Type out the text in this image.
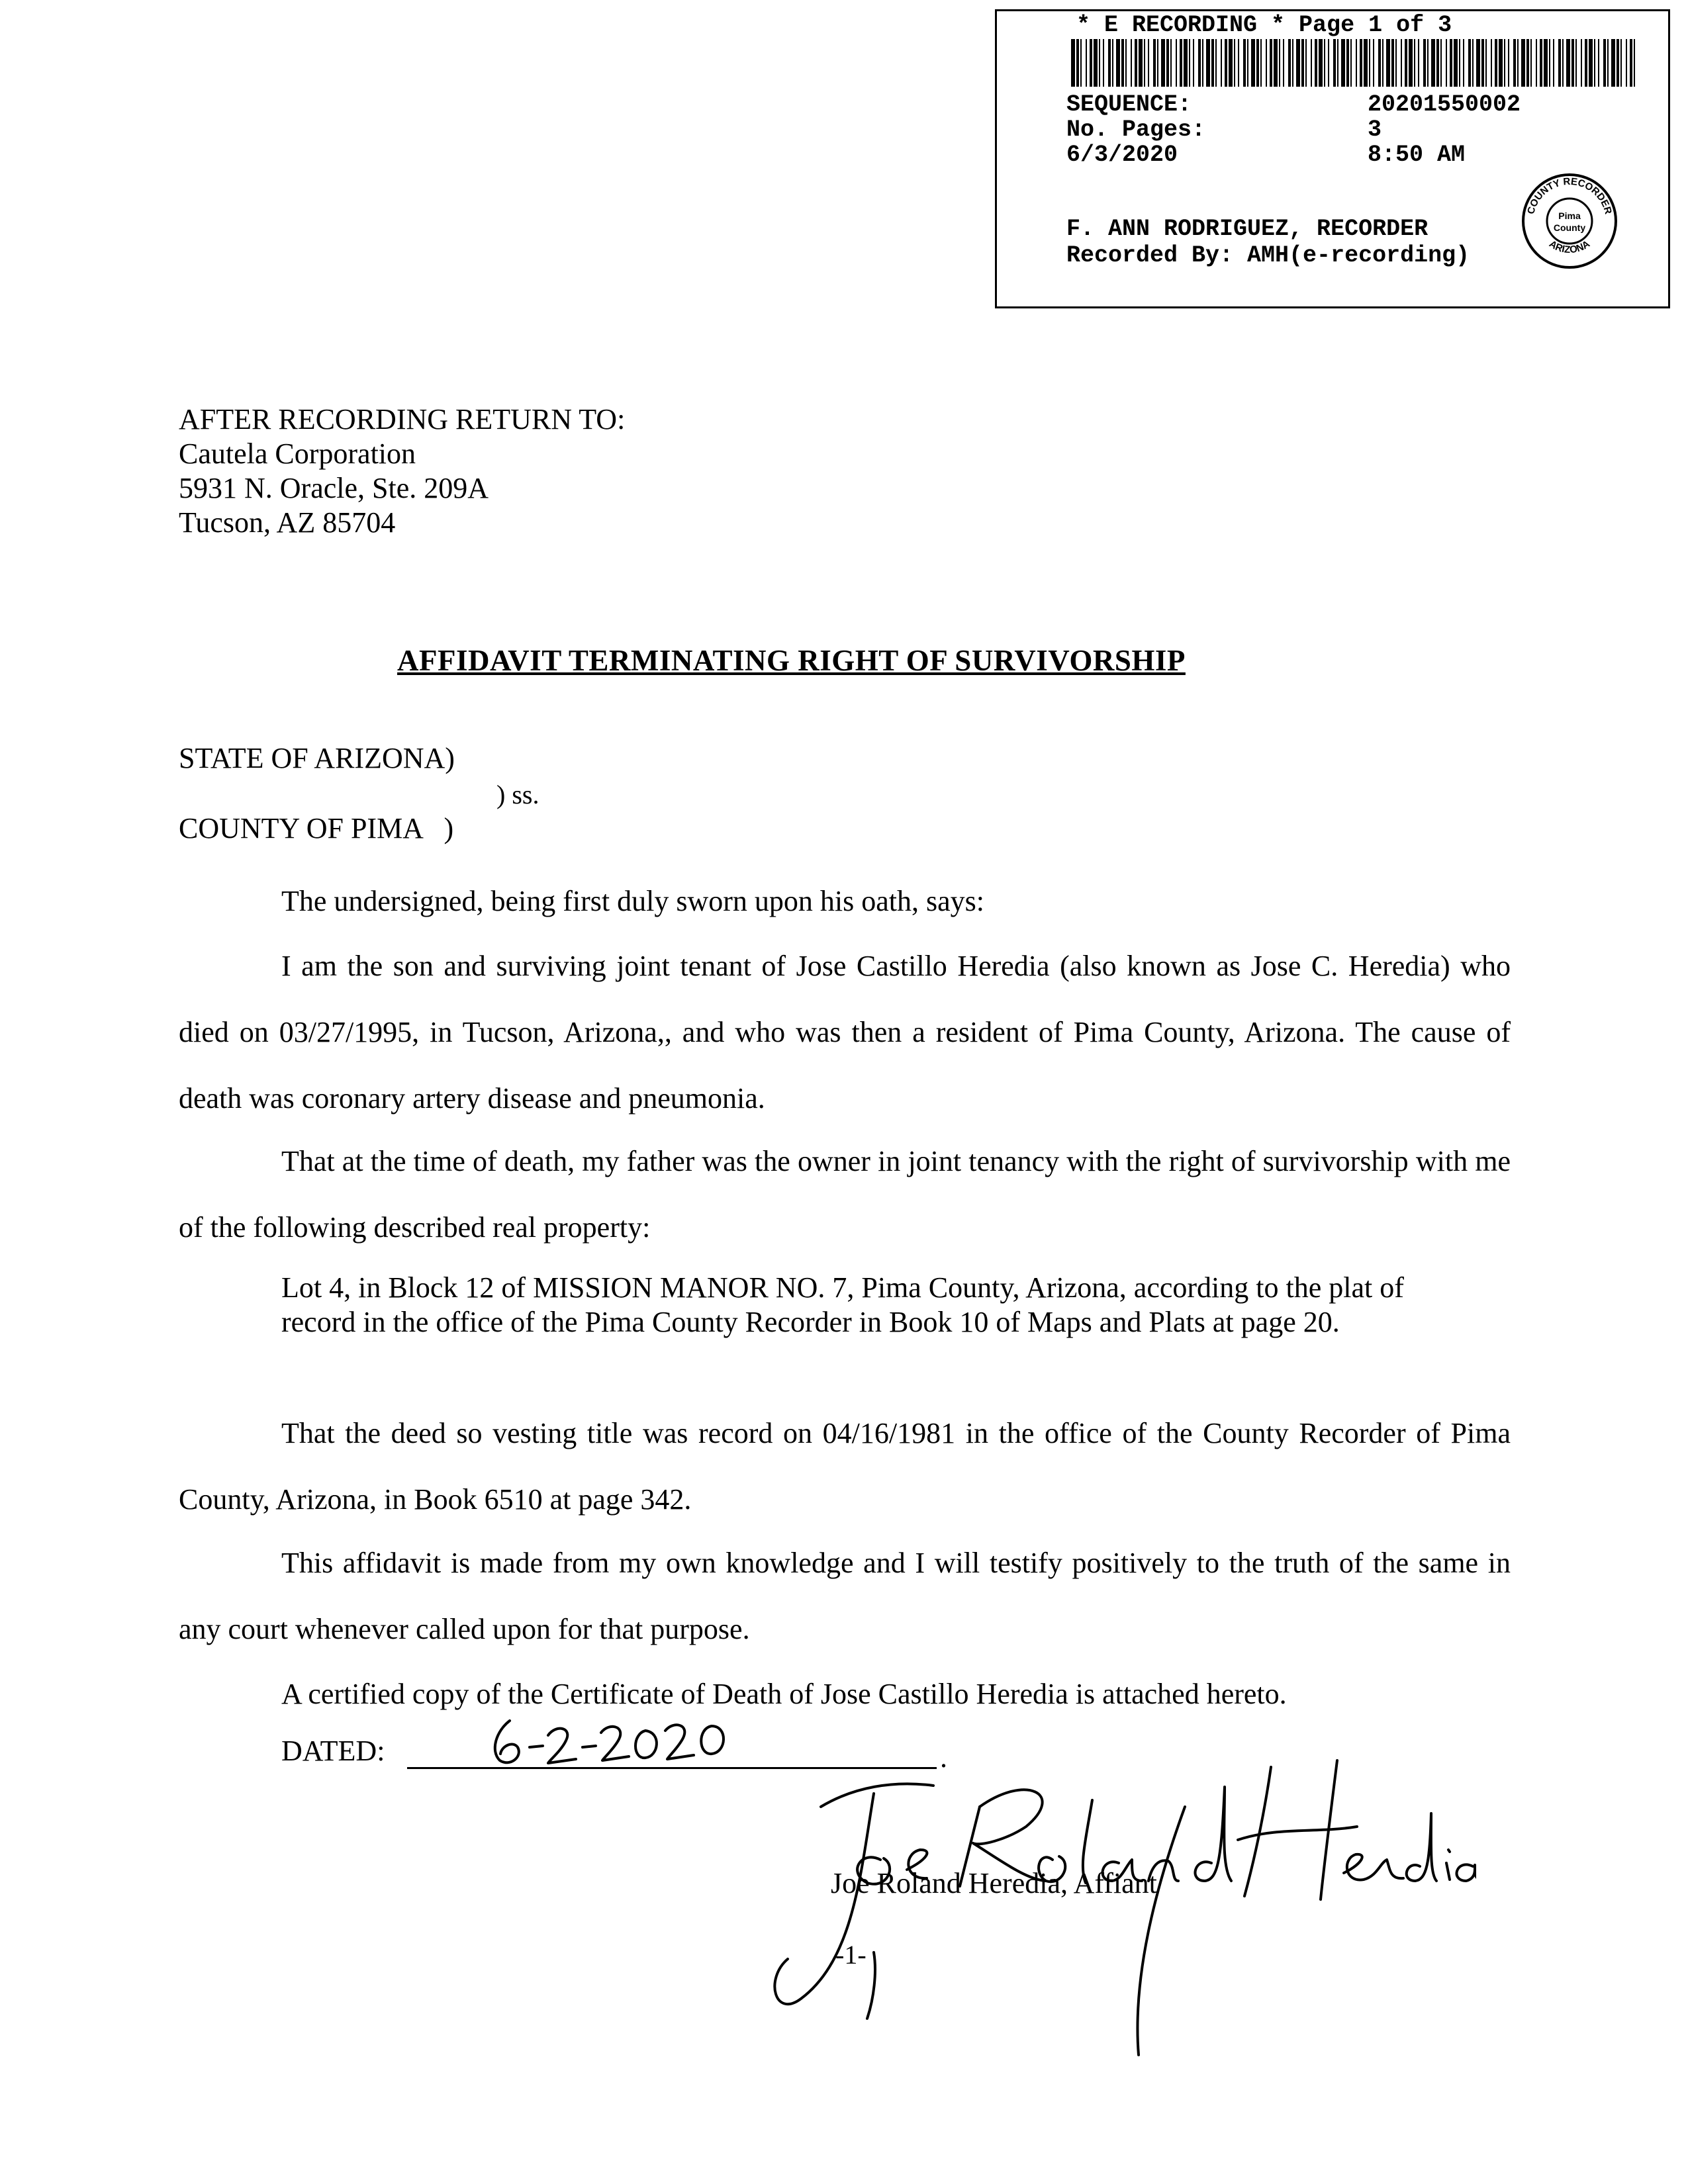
* E RECORDING * Page 1 of 3
SEQUENCE:	20201550002
No. Pages:	3
6/3/2020	8:50 AM
F. ANN RODRIGUEZ, RECORDER
Recorded By: AMH(e-recording)
COUNTY RECORDER
ARIZONA
Pima
County
AFTER RECORDING RETURN TO:
Cautela Corporation
5931 N. Oracle, Ste. 209A
Tucson, AZ 85704
AFFIDAVIT TERMINATING RIGHT OF SURVIVORSHIP
STATE OF ARIZONA)
) ss.
COUNTY OF PIMA   )
The undersigned, being first duly sworn upon his oath, says:
I am the son and surviving joint tenant of Jose Castillo Heredia (also known as Jose C. Heredia) who died on 03/27/1995, in Tucson, Arizona,, and who was then a resident of Pima County, Arizona. The cause of death was coronary artery disease and pneumonia.
That at the time of death, my father was the owner in joint tenancy with the right of survivorship with me of the following described real property:
Lot 4, in Block 12 of MISSION MANOR NO. 7, Pima County, Arizona, according to the plat of record in the office of the Pima County Recorder in Book 10 of Maps and Plats at page 20.
That the deed so vesting title was record on 04/16/1981 in the office of the County Recorder of Pima County, Arizona, in Book 6510 at page 342.
This affidavit is made from my own knowledge and I will testify positively to the truth of the same in any court whenever called upon for that purpose.
A certified copy of the Certificate of Death of Jose Castillo Heredia is attached hereto.
DATED:	.
Joe Roland Heredia, Affiant
-1-
